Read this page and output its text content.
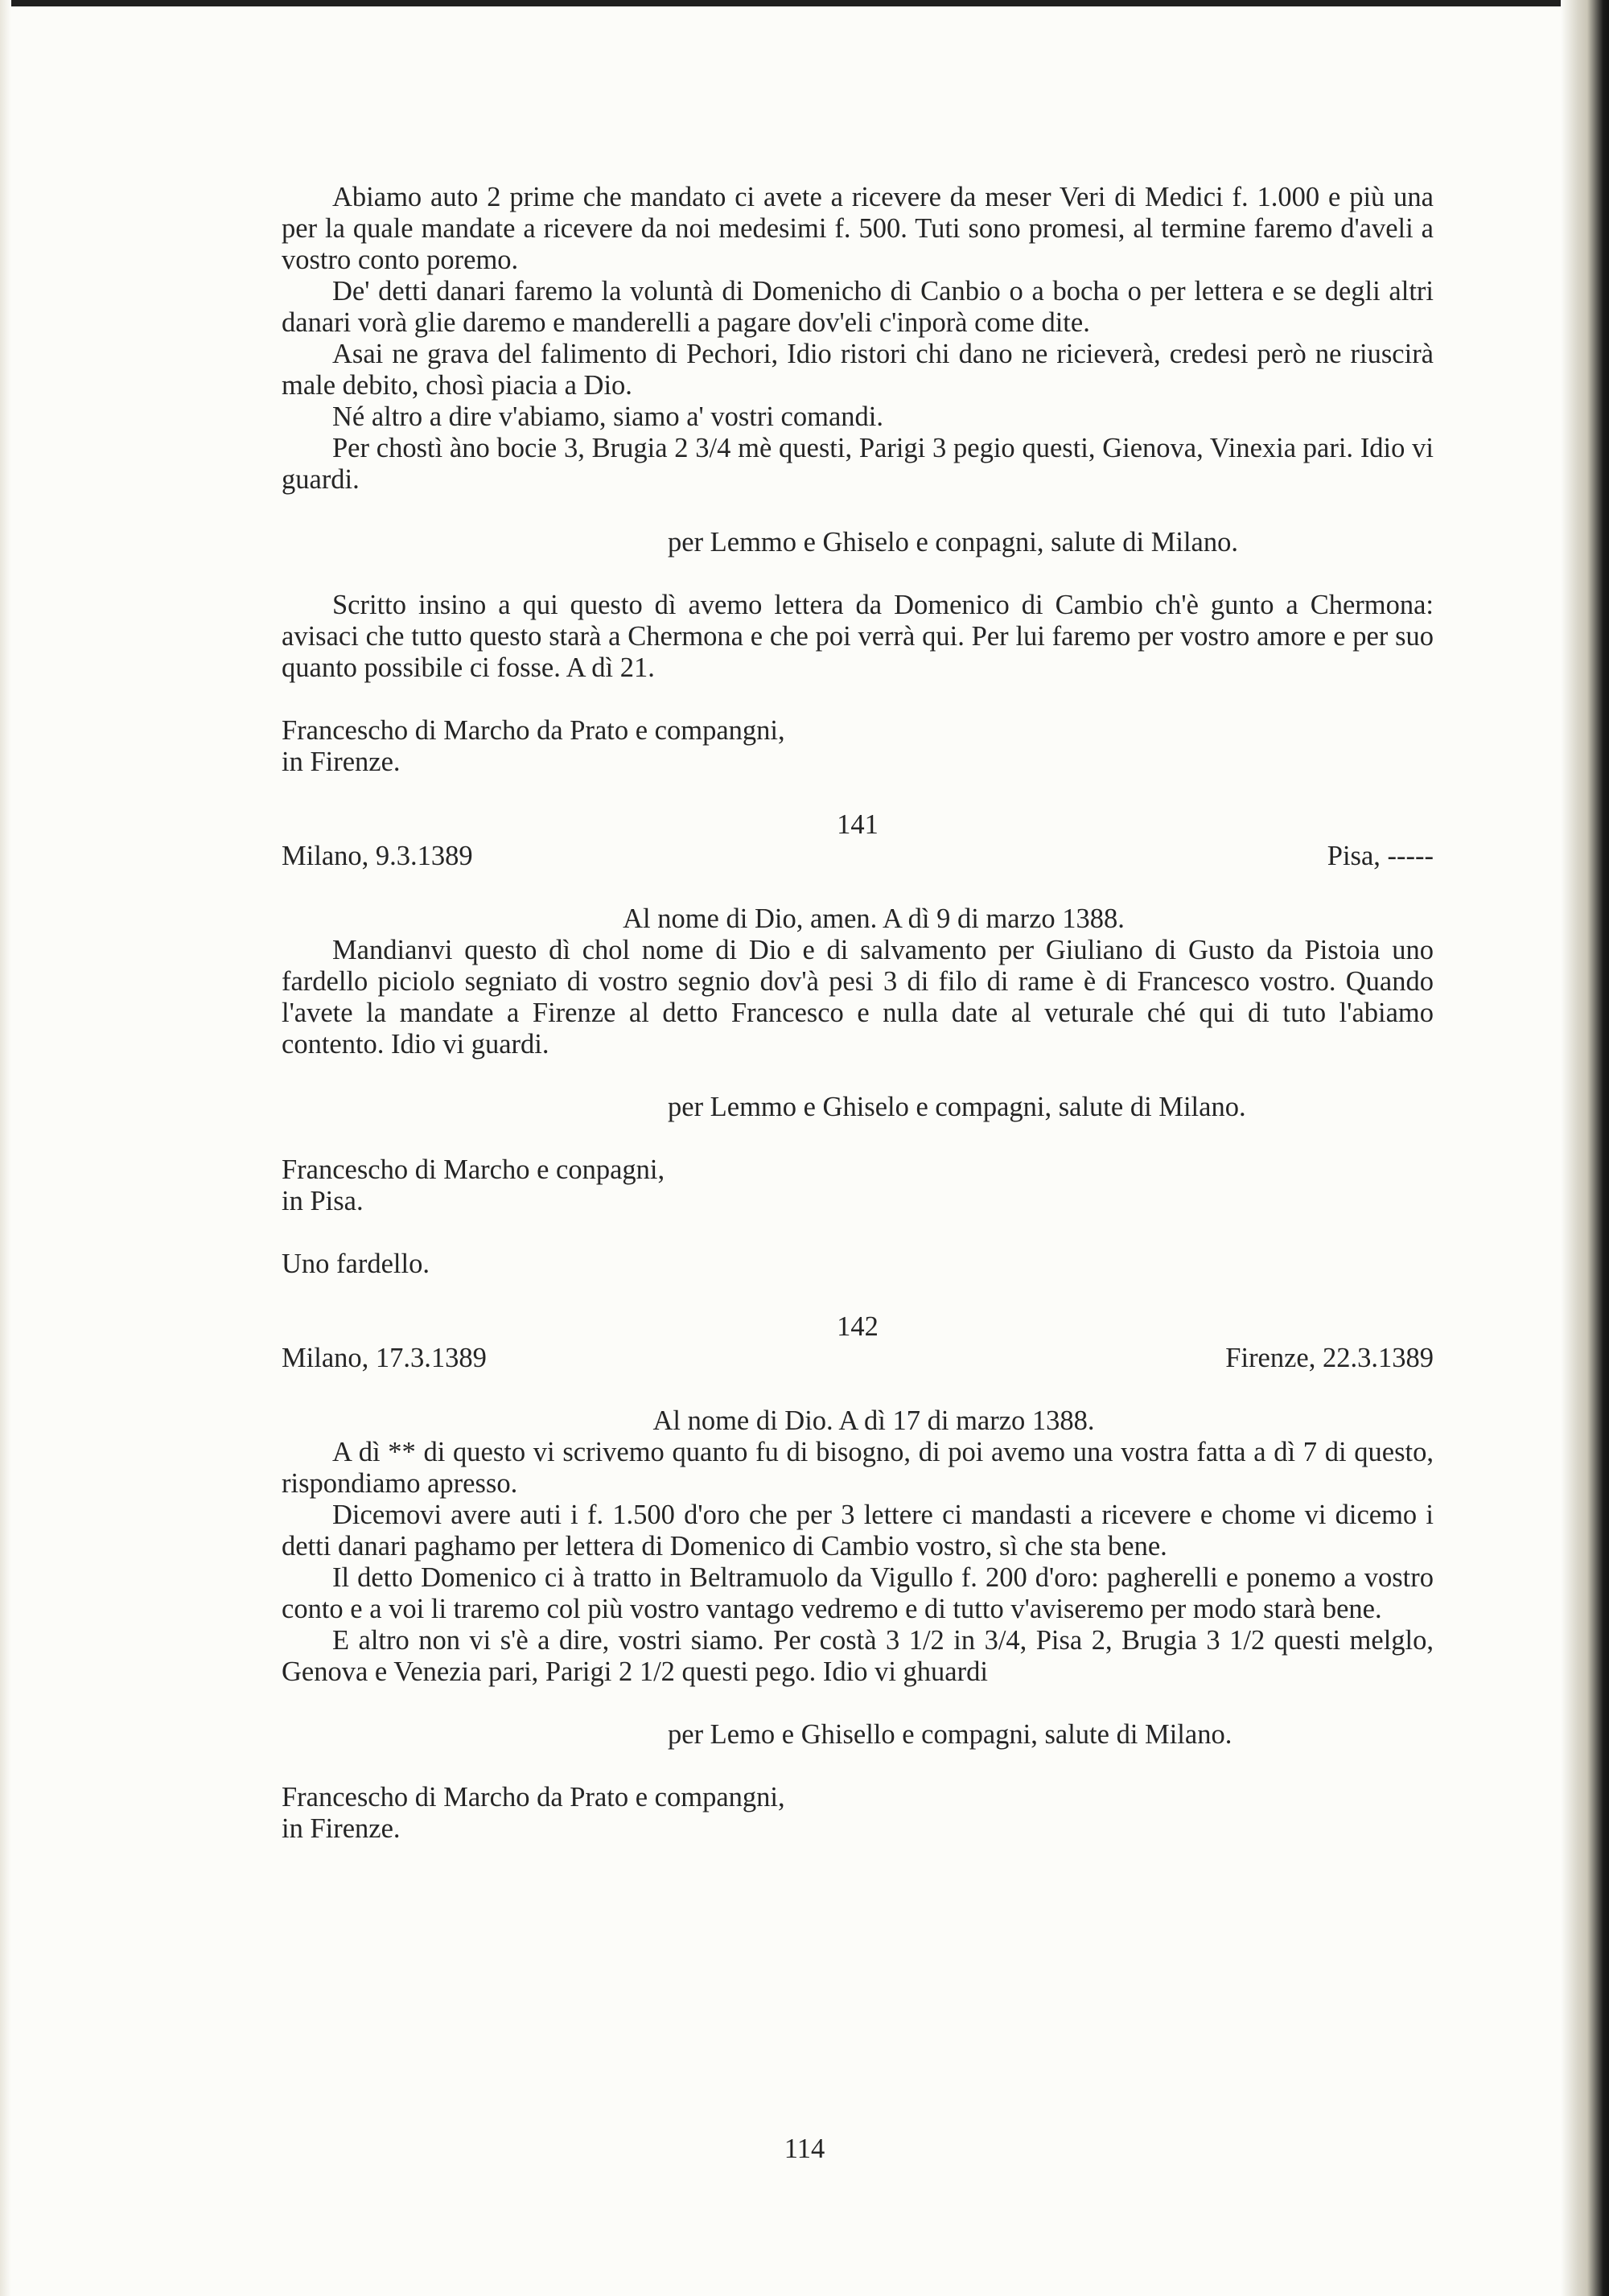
Abiamo auto 2 prime che mandato ci avete a ricevere da meser Veri di Medici f. 1.000 e più una per la quale mandate a ricevere da noi medesimi f. 500. Tuti sono promesi, al termine faremo d'aveli a vostro conto poremo.

De' detti danari faremo la voluntà di Domenicho di Canbio o a bocha o per lettera e se degli altri danari vorà glie daremo e manderelli a pagare dov'eli c'inporà come dite.

Asai ne grava del falimento di Pechori, Idio ristori chi dano ne ricieverà, credesi però ne riuscirà male debito, chosì piacia a Dio.

Né altro a dire v'abiamo, siamo a' vostri comandi.

Per chostì àno bocie 3, Brugia 2 3/4 mè questi, Parigi 3 pegio questi, Gienova, Vinexia pari. Idio vi guardi.

per Lemmo e Ghiselo e conpagni, salute di Milano.

Scritto insino a qui questo dì avemo lettera da Domenico di Cambio ch'è gunto a Chermona: avisaci che tutto questo starà a Chermona e che poi verrà qui. Per lui faremo per vostro amore e per suo quanto possibile ci fosse. A dì 21.

Francescho di Marcho da Prato e compangni,

in Firenze.

141

Milano, 9.3.1389	Pisa, -----

Al nome di Dio, amen. A dì 9 di marzo 1388.

Mandianvi questo dì chol nome di Dio e di salvamento per Giuliano di Gusto da Pistoia uno fardello piciolo segniato di vostro segnio dov'à pesi 3 di filo di rame è di Francesco vostro. Quando l'avete la mandate a Firenze al detto Francesco e nulla date al veturale ché qui di tuto l'abiamo contento. Idio vi guardi.

per Lemmo e Ghiselo e compagni, salute di Milano.

Francescho di Marcho e conpagni,

in Pisa.

Uno fardello.

142

Milano, 17.3.1389	Firenze, 22.3.1389

Al nome di Dio. A dì 17 di marzo 1388.

A dì ** di questo vi scrivemo quanto fu di bisogno, di poi avemo una vostra fatta a dì 7 di questo, rispondiamo apresso.

Dicemovi avere auti i f. 1.500 d'oro che per 3 lettere ci mandasti a ricevere e chome vi dicemo i detti danari paghamo per lettera di Domenico di Cambio vostro, sì che sta bene.

Il detto Domenico ci à tratto in Beltramuolo da Vigullo f. 200 d'oro: pagherelli e ponemo a vostro conto e a voi li traremo col più vostro vantago vedremo e di tutto v'aviseremo per modo starà bene.

E altro non vi s'è a dire, vostri siamo. Per costà 3 1/2 in 3/4, Pisa 2, Brugia 3 1/2 questi melglo, Genova e Venezia pari, Parigi 2 1/2 questi pego. Idio vi ghuardi

per Lemo e Ghisello e compagni, salute di Milano.

Francescho di Marcho da Prato e compangni,

in Firenze.

114
